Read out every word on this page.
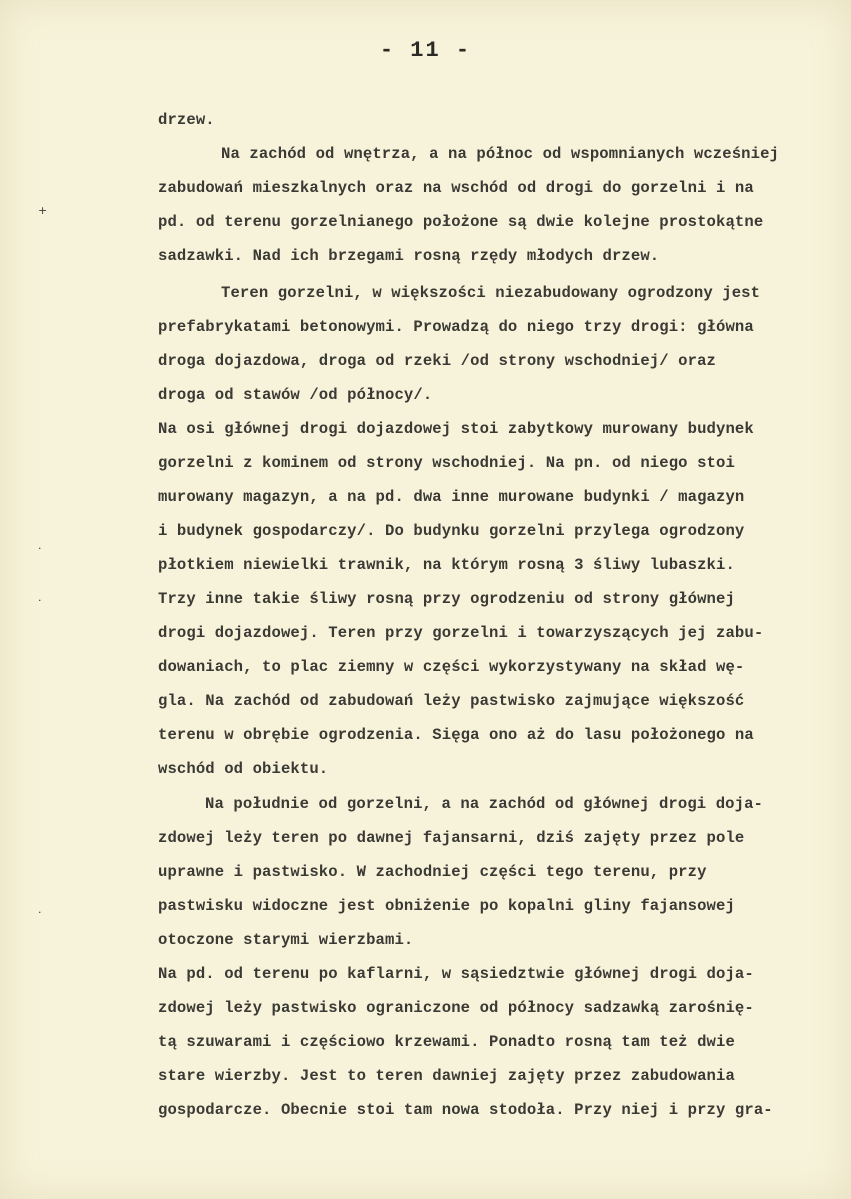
- 11 -
drzew.
Na zachód od wnętrza, a na północ od wspomnianych wcześniej
zabudowań mieszkalnych oraz na wschód od drogi do gorzelni i na
pd. od terenu gorzelnianego położone są dwie kolejne prostokątne
sadzawki. Nad ich brzegami rosną rzędy młodych drzew.
Teren gorzelni, w większości niezabudowany ogrodzony jest
prefabrykatami betonowymi. Prowadzą do niego trzy drogi: główna
droga dojazdowa, droga od rzeki /od strony wschodniej/ oraz
droga od stawów /od północy/.
Na osi głównej drogi dojazdowej stoi zabytkowy murowany budynek
gorzelni z kominem od strony wschodniej. Na pn. od niego stoi
murowany magazyn, a na pd. dwa inne murowane budynki / magazyn
i budynek gospodarczy/. Do budynku gorzelni przylega ogrodzony
płotkiem niewielki trawnik, na którym rosną 3 śliwy lubaszki.
Trzy inne takie śliwy rosną przy ogrodzeniu od strony głównej
drogi dojazdowej. Teren przy gorzelni i towarzyszących jej zabu-
dowaniach, to plac ziemny w części wykorzystywany na skład wę-
gla. Na zachód od zabudowań leży pastwisko zajmujące większość
terenu w obrębie ogrodzenia. Sięga ono aż do lasu położonego na
wschód od obiektu.
Na południe od gorzelni, a na zachód od głównej drogi doja-
zdowej leży teren po dawnej fajansarni, dziś zajęty przez pole
uprawne i pastwisko. W zachodniej części tego terenu, przy
pastwisku widoczne jest obniżenie po kopalni gliny fajansowej
otoczone starymi wierzbami.
Na pd. od terenu po kaflarni, w sąsiedztwie głównej drogi doja-
zdowej leży pastwisko ograniczone od północy sadzawką zarośnię-
tą szuwarami i częściowo krzewami. Ponadto rosną tam też dwie
stare wierzby. Jest to teren dawniej zajęty przez zabudowania
gospodarcze. Obecnie stoi tam nowa stodoła. Przy niej i przy gra-
+
·
·
·
